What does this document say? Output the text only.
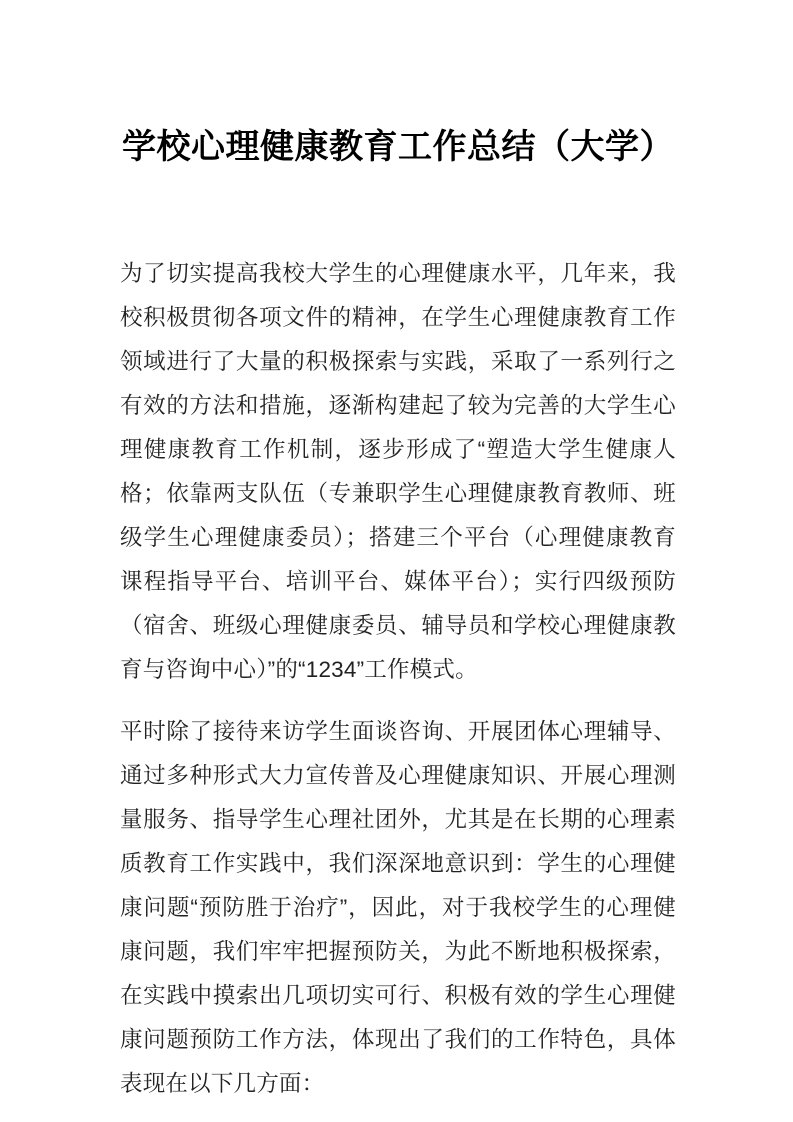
学校心理健康教育工作总结（大学）

为了切实提高我校大学生的心理健康水平，几年来，我校积极贯彻各项文件的精神，在学生心理健康教育工作领域进行了大量的积极探索与实践，采取了一系列行之有效的方法和措施，逐渐构建起了较为完善的大学生心理健康教育工作机制，逐步形成了“塑造大学生健康人格；依靠两支队伍（专兼职学生心理健康教育教师、班级学生心理健康委员）；搭建三个平台（心理健康教育课程指导平台、培训平台、媒体平台）；实行四级预防（宿舍、班级心理健康委员、辅导员和学校心理健康教育与咨询中心）”的“1234”工作模式。

平时除了接待来访学生面谈咨询、开展团体心理辅导、通过多种形式大力宣传普及心理健康知识、开展心理测量服务、指导学生心理社团外，尤其是在长期的心理素质教育工作实践中，我们深深地意识到：学生的心理健康问题“预防胜于治疗”，因此，对于我校学生的心理健康问题，我们牢牢把握预防关，为此不断地积极探索，在实践中摸索出几项切实可行、积极有效的学生心理健康问题预防工作方法，体现出了我们的工作特色，具体表现在以下几方面：
